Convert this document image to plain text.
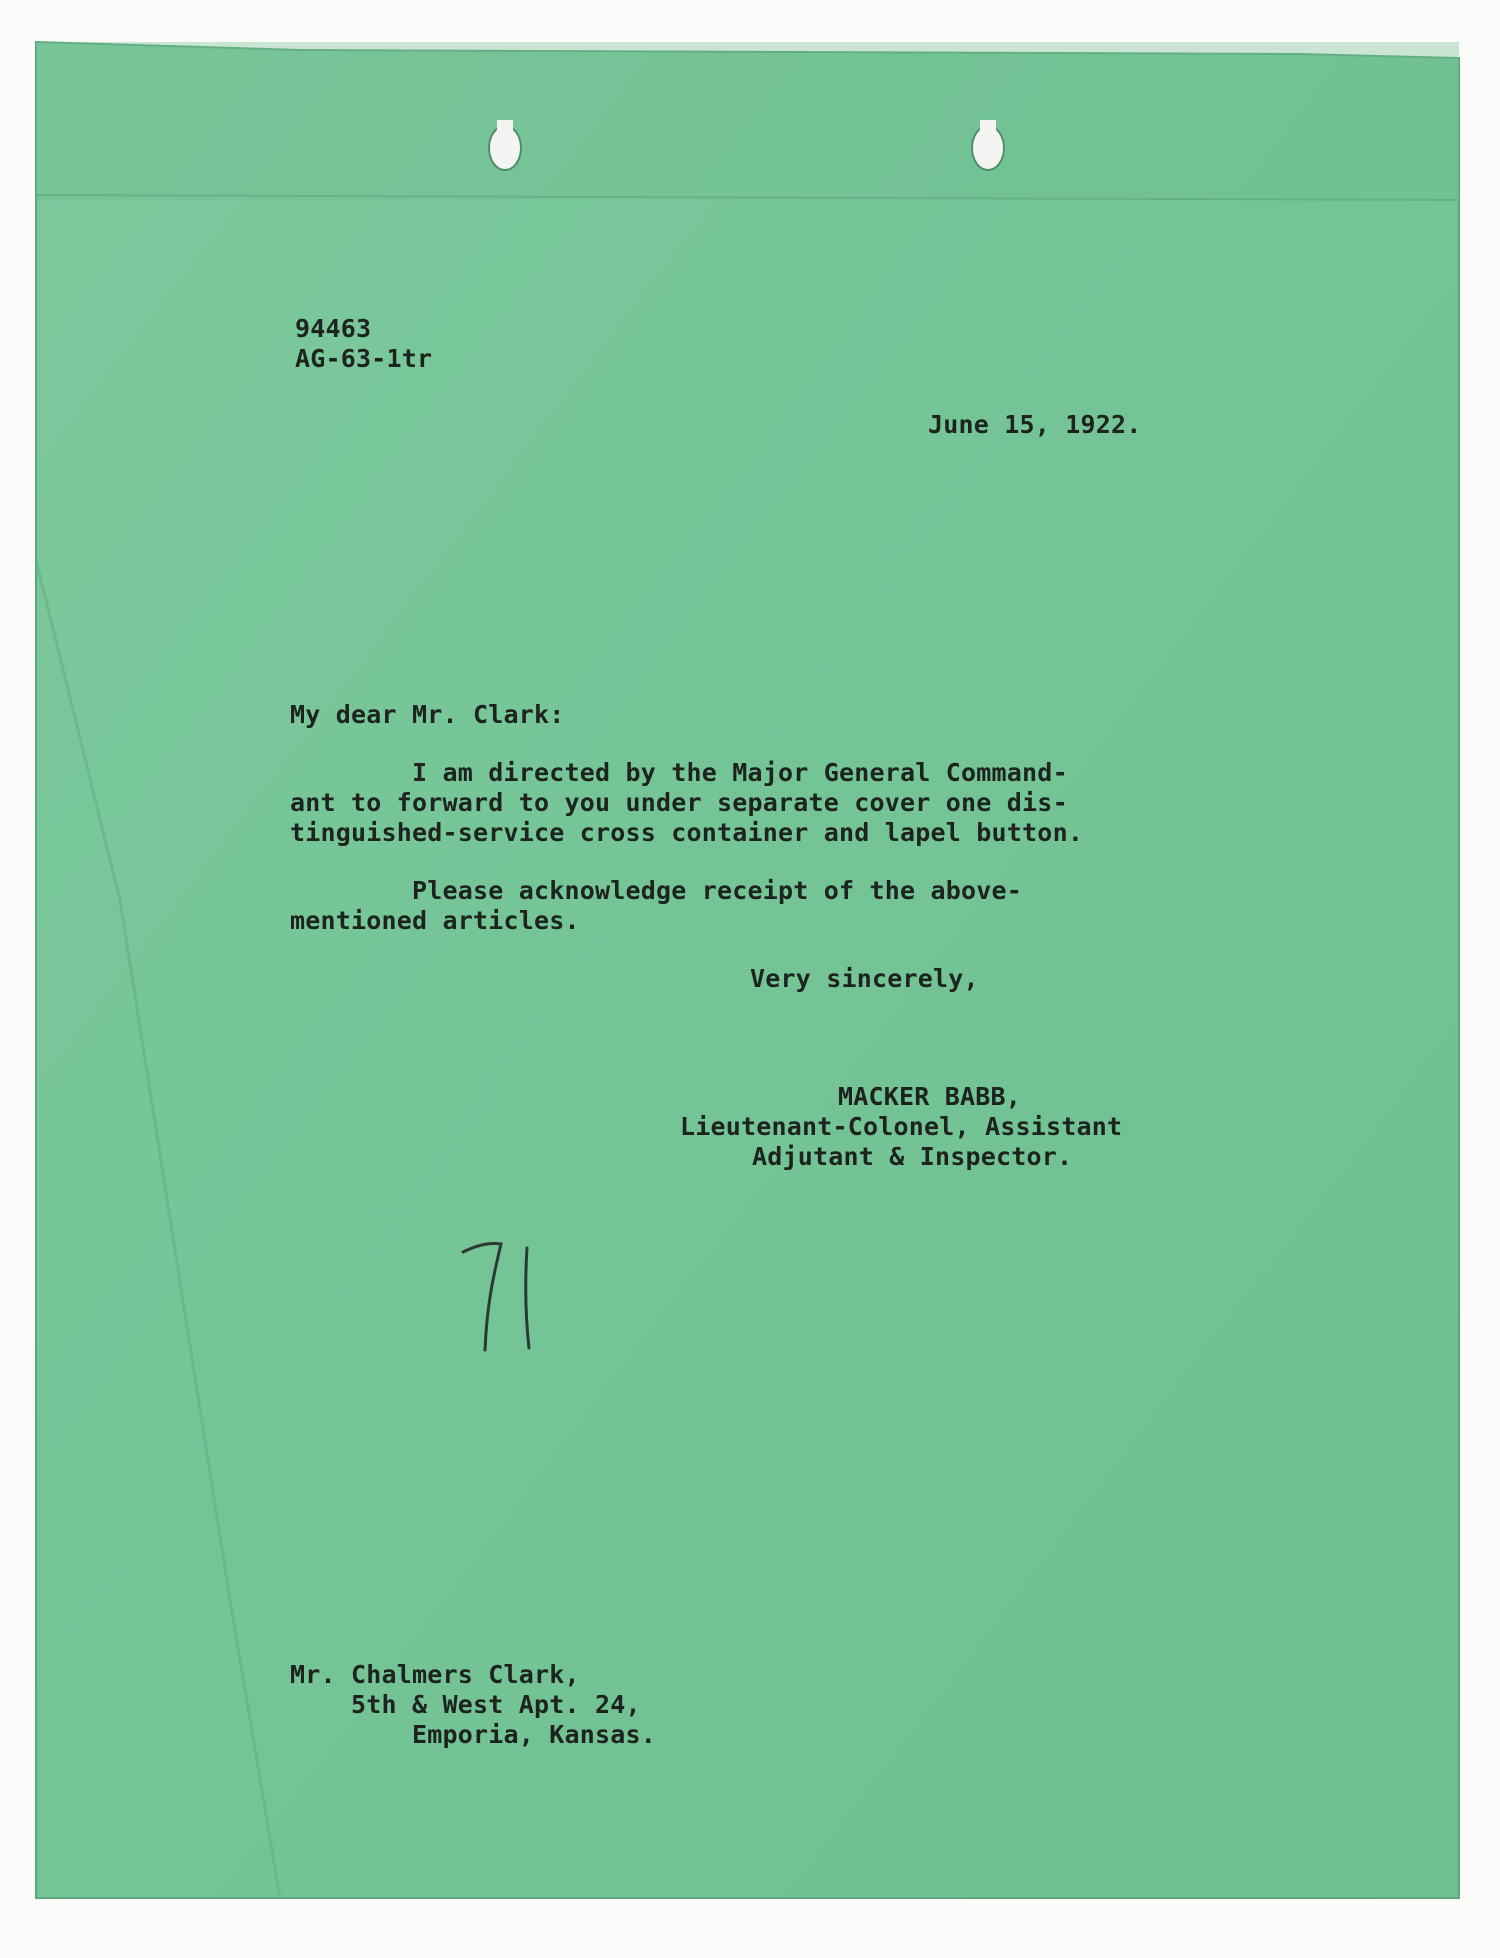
94463
AG-63-1tr
June 15, 1922.
My dear Mr. Clark:
I am directed by the Major General Command-
ant to forward to you under separate cover one dis-
tinguished-service cross container and lapel button.
Please acknowledge receipt of the above-
mentioned articles.
Very sincerely,
MACKER BABB,
Lieutenant-Colonel, Assistant
Adjutant & Inspector.
Mr. Chalmers Clark,
5th & West Apt. 24,
Emporia, Kansas.
